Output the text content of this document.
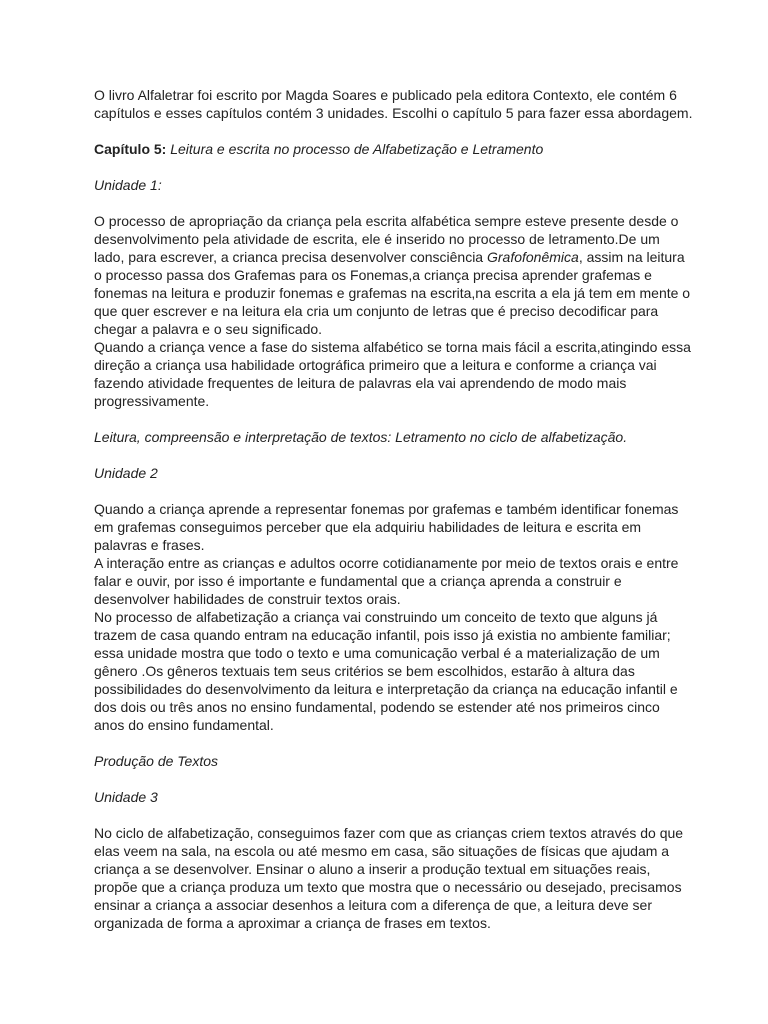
O livro Alfaletrar foi escrito por Magda Soares e publicado pela editora Contexto, ele contém 6 capítulos e esses capítulos contém 3 unidades. Escolhi o capítulo 5 para fazer essa abordagem.

Capítulo 5: Leitura e escrita no processo de Alfabetização e Letramento

Unidade 1:

O processo de apropriação da criança pela escrita alfabética sempre esteve presente desde o desenvolvimento pela atividade de escrita, ele é inserido no processo de letramento.De um lado, para escrever, a crianca precisa desenvolver consciência Grafofonêmica, assim na leitura o processo passa dos Grafemas para os Fonemas,a criança precisa aprender grafemas e fonemas na leitura e produzir fonemas e grafemas na escrita,na escrita a ela já tem em mente o que quer escrever e na leitura ela cria um conjunto de letras que é preciso decodificar para chegar a palavra e o seu significado.

Quando a criança vence a fase do sistema alfabético se torna mais fácil a escrita,atingindo essa direção a criança usa habilidade ortográfica primeiro que a leitura e conforme a criança vai fazendo atividade frequentes de leitura de palavras ela vai aprendendo de modo mais progressivamente.

Leitura, compreensão e interpretação de textos: Letramento no ciclo de alfabetização.

Unidade 2

Quando a criança aprende a representar fonemas por grafemas e também identificar fonemas em grafemas conseguimos perceber que ela adquiriu habilidades de leitura e escrita em palavras e frases.

A interação entre as crianças e adultos ocorre cotidianamente por meio de textos orais e entre falar e ouvir, por isso é importante e fundamental que a criança aprenda a construir e desenvolver habilidades de construir textos orais.

No processo de alfabetização a criança vai construindo um conceito de texto que alguns já trazem de casa quando entram na educação infantil, pois isso já existia no ambiente familiar; essa unidade mostra que todo o texto e uma comunicação verbal é a materialização de um gênero .Os gêneros textuais tem seus critérios se bem escolhidos, estarão à altura das possibilidades do desenvolvimento da leitura e interpretação da criança na educação infantil e dos dois ou três anos no ensino fundamental, podendo se estender até nos primeiros cinco anos do ensino fundamental.

Produção de Textos

Unidade 3

No ciclo de alfabetização, conseguimos fazer com que as crianças criem textos através do que elas veem na sala, na escola ou até mesmo em casa, são situações de físicas que ajudam a criança a se desenvolver. Ensinar o aluno a inserir a produção textual em situações reais, propõe que a criança produza um texto que mostra que o necessário ou desejado, precisamos ensinar a criança a associar desenhos a leitura com a diferença de que, a leitura deve ser organizada de forma a aproximar a criança de frases em textos.
